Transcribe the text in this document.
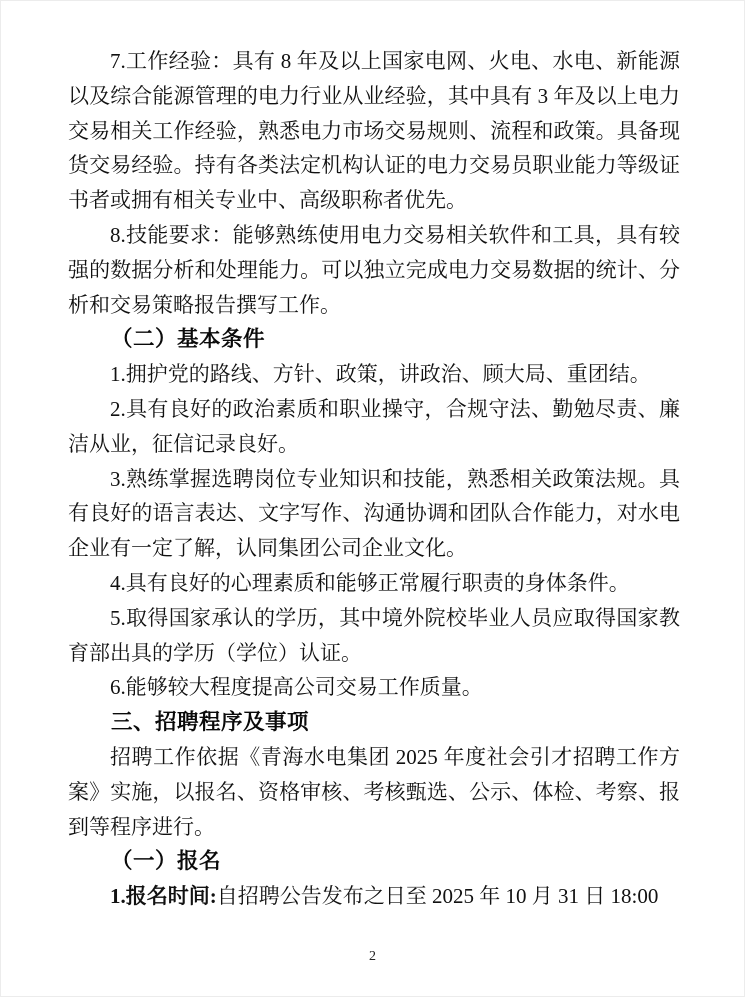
7.工作经验：具有 8 年及以上国家电网、火电、水电、新能源以及综合能源管理的电力行业从业经验，其中具有 3 年及以上电力交易相关工作经验，熟悉电力市场交易规则、流程和政策。具备现货交易经验。持有各类法定机构认证的电力交易员职业能力等级证书者或拥有相关专业中、高级职称者优先。

8.技能要求：能够熟练使用电力交易相关软件和工具，具有较强的数据分析和处理能力。可以独立完成电力交易数据的统计、分析和交易策略报告撰写工作。

（二）基本条件

1.拥护党的路线、方针、政策，讲政治、顾大局、重团结。

2.具有良好的政治素质和职业操守，合规守法、勤勉尽责、廉洁从业，征信记录良好。

3.熟练掌握选聘岗位专业知识和技能，熟悉相关政策法规。具有良好的语言表达、文字写作、沟通协调和团队合作能力，对水电企业有一定了解，认同集团公司企业文化。

4.具有良好的心理素质和能够正常履行职责的身体条件。

5.取得国家承认的学历，其中境外院校毕业人员应取得国家教育部出具的学历（学位）认证。

6.能够较大程度提高公司交易工作质量。

三、招聘程序及事项

招聘工作依据《青海水电集团 2025 年度社会引才招聘工作方案》实施，以报名、资格审核、考核甄选、公示、体检、考察、报到等程序进行。

（一）报名

1.报名时间:自招聘公告发布之日至 2025 年 10 月 31 日 18:00

2
